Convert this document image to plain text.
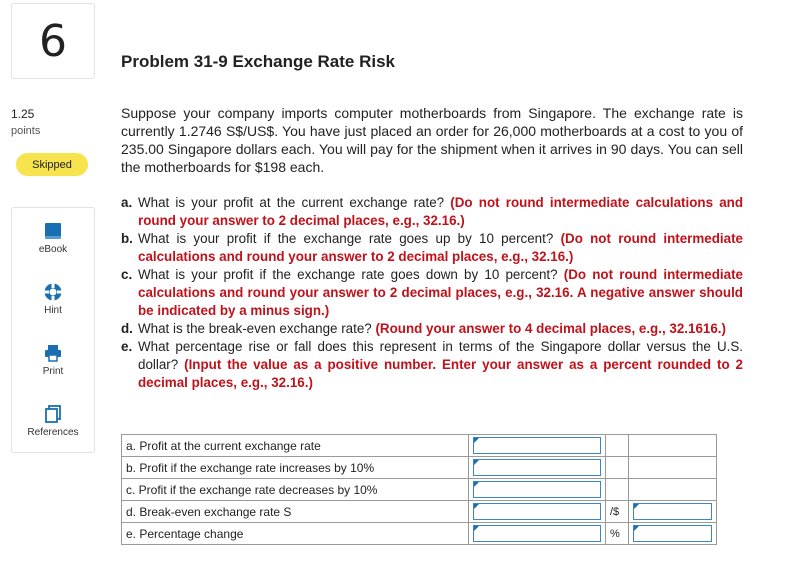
6
1.25
points
Skipped
eBook
Hint
Print
References
Problem 31-9 Exchange Rate Risk
Suppose your company imports computer motherboards from Singapore. The exchange rate is currently 1.2746 S$/US$. You have just placed an order for 26,000 motherboards at a cost to you of 235.00 Singapore dollars each. You will pay for the shipment when it arrives in 90 days. You can sell the motherboards for $198 each.
a. What is your profit at the current exchange rate? (Do not round intermediate calculations and round your answer to 2 decimal places, e.g., 32.16.)
b. What is your profit if the exchange rate goes up by 10 percent? (Do not round intermediate calculations and round your answer to 2 decimal places, e.g., 32.16.)
c. What is your profit if the exchange rate goes down by 10 percent? (Do not round intermediate calculations and round your answer to 2 decimal places, e.g., 32.16. A negative answer should be indicated by a minus sign.)
d. What is the break-even exchange rate? (Round your answer to 4 decimal places, e.g., 32.1616.)
e. What percentage rise or fall does this represent in terms of the Singapore dollar versus the U.S. dollar? (Input the value as a positive number. Enter your answer as a percent rounded to 2 decimal places, e.g., 32.16.)
a. Profit at the current exchange rate	

b. Profit if the exchange rate increases by 10%	

c. Profit if the exchange rate decreases by 10%	

d. Break-even exchange rate S		/$	

e. Percentage change		%	
